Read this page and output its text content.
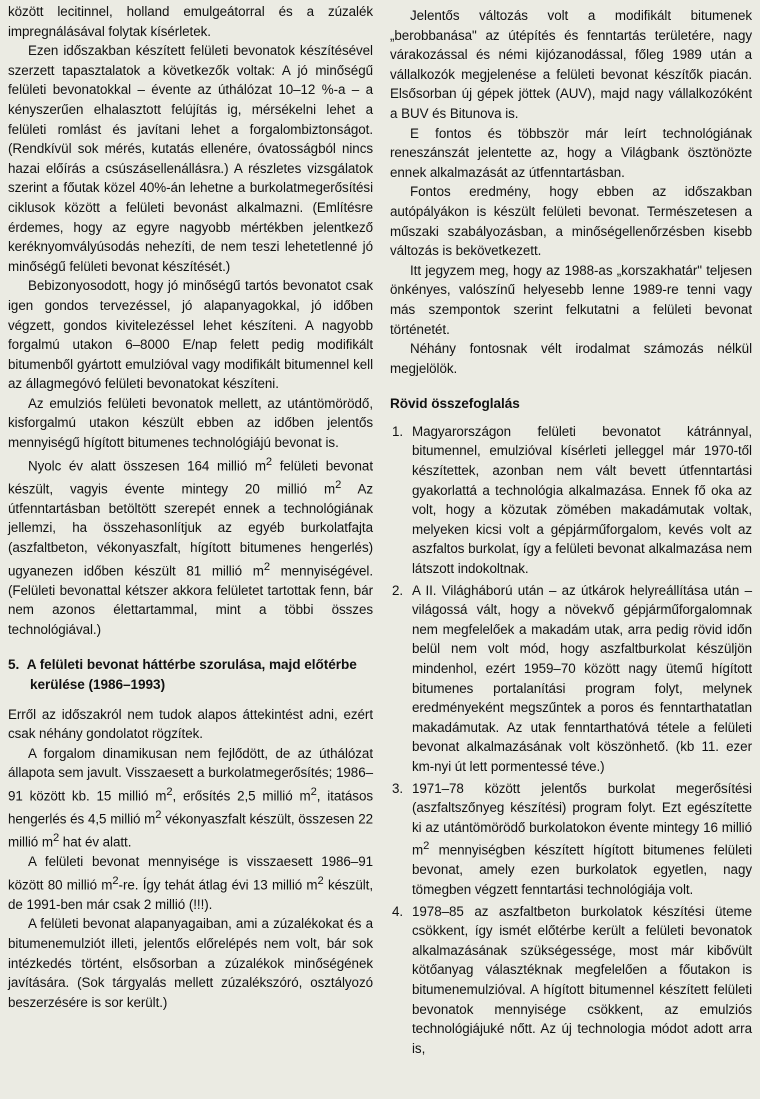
között lecitinnel, holland emulgeátorral és a zúzalék impregnálásával folytak kísérletek.

Ezen időszakban készített felületi bevonatok készítésével szerzett tapasztalatok a következők voltak: A jó minőségű felületi bevonatokkal – évente az úthálózat 10–12 %-a – a kényszerűen elhalasztott felújítás ig, mérsékelni lehet a felületi romlást és javítani lehet a forgalombiztonságot. (Rendkívül sok mérés, kutatás ellenére, óvatosságból nincs hazai előírás a csúszásellenállásra.) A részletes vizsgálatok szerint a főutak közel 40%-án lehetne a burkolatmegerősítési ciklusok között a felületi bevonást alkalmazni. (Említésre érdemes, hogy az egyre nagyobb mértékben jelentkező keréknyomvályúsodás nehezíti, de nem teszi lehetetlenné jó minőségű felületi bevonat készítését.)

Bebizonyosodott, hogy jó minőségű tartós bevonatot csak igen gondos tervezéssel, jó alapanyagokkal, jó időben végzett, gondos kivitelezéssel lehet készíteni. A nagyobb forgalmú utakon 6–8000 E/nap felett pedig modifikált bitumenből gyártott emulzióval vagy modifikált bitumennel kell az állagmegóvó felületi bevonatokat készíteni.

Az emulziós felületi bevonatok mellett, az utántömörödő, kisforgalmú utakon készült ebben az időben jelentős mennyiségű hígított bitumenes technológiájú bevonat is.

Nyolc év alatt összesen 164 millió $m^2$ felületi bevonat készült, vagyis évente mintegy 20 millió $m^2$ Az útfenntartásban betöltött szerepét ennek a technológiának jellemzi, ha összehasonlítjuk az egyéb burkolatfajta (aszfaltbeton, vékonyaszfalt, hígított bitumenes hengerlés) ugyanezen időben készült 81 millió $m^2$ mennyiségével. (Felületi bevonattal kétszer akkora felületet tartottak fenn, bár nem azonos élettartammal, mint a többi összes technológiával.)

5. A felületi bevonat háttérbe szorulása, majd előtérbe kerülése (1986–1993)

Erről az időszakról nem tudok alapos áttekintést adni, ezért csak néhány gondolatot rögzítek.

A forgalom dinamikusan nem fejlődött, de az úthálózat állapota sem javult. Visszaesett a burkolatmegerősítés; 1986–91 között kb. 15 millió $m^2$, erősítés 2,5 millió $m^2$, itatásos hengerlés és 4,5 millió $m^2$ vékonyaszfalt készült, összesen 22 millió $m^2$ hat év alatt.

A felületi bevonat mennyisége is visszaesett 1986–91 között 80 millió $m^2-re$. Így tehát átlag évi 13 millió $m^2$ készült, de 1991-ben már csak 2 millió (!!!).

A felületi bevonat alapanyagaiban, ami a zúzalékokat és a bitumenemulziót illeti, jelentős előrelépés nem volt, bár sok intézkedés történt, elsősorban a zúzalékok minőségének javítására. (Sok tárgyalás mellett zúzalékszóró, osztályozó beszerzésére is sor került.)

Jelentős változás volt a modifikált bitumenek „berobbanása" az útépítés és fenntartás területére, nagy várakozással és némi kijózanodással, főleg 1989 után a vállalkozók megjelenése a felületi bevonat készítők piacán. Elsősorban új gépek jöttek (AUV), majd nagy vállalkozóként a BUV és Bitunova is.

E fontos és többször már leírt technológiának reneszánszát jelentette az, hogy a Világbank ösztönözte ennek alkalmazását az útfenntartásban.

Fontos eredmény, hogy ebben az időszakban autópályákon is készült felületi bevonat. Természetesen a műszaki szabályozásban, a minőségellenőrzésben kisebb változás is bekövetkezett.

Itt jegyzem meg, hogy az 1988-as „korszakhatár" teljesen önkényes, valószínű helyesebb lenne 1989-re tenni vagy más szempontok szerint felkutatni a felületi bevonat történetét.

Néhány fontosnak vélt irodalmat számozás nélkül megjelölök.

Rövid összefoglalás
1. Magyarországon felületi bevonatot kátránnyal, bitumennel, emulzióval kísérleti jelleggel már 1970-től készítettek, azonban nem vált bevett útfenntartási gyakorlattá a technológia alkalmazása. Ennek fő oka az volt, hogy a közutak zömében makadámutak voltak, melyeken kicsi volt a gépjárműforgalom, kevés volt az aszfaltos burkolat, így a felületi bevonat alkalmazása nem látszott indokoltnak.
2. A II. Világháború után – az útkárok helyreállítása után – világossá vált, hogy a növekvő gépjárműforgalomnak nem megfelelőek a makadám utak, arra pedig rövid időn belül nem volt mód, hogy aszfaltburkolat készüljön mindenhol, ezért 1959–70 között nagy ütemű hígított bitumenes portalanítási program folyt, melynek eredményeként megszűntek a poros és fenntarthatatlan makadámutak. Az utak fenntarthatóvá tétele a felületi bevonat alkalmazásának volt köszönhető. (kb 11. ezer km-nyi út lett pormentessé téve.)
3. 1971–78 között jelentős burkolat megerősítési (aszfaltszőnyeg készítési) program folyt. Ezt egészítette ki az utántömörödő burkolatokon évente mintegy 16 millió $m^2$ mennyiségben készített hígított bitumenes felületi bevonat, amely ezen burkolatok egyetlen, nagy tömegben végzett fenntartási technológiája volt.
4. 1978–85 az aszfaltbeton burkolatok készítési üteme csökkent, így ismét előtérbe került a felületi bevonatok alkalmazásának szükségessége, most már kibővült kötőanyag választéknak megfelelően a főutakon is bitumenemulzióval. A hígított bitumennel készített felületi bevonatok mennyisége csökkent, az emulziós technológiájuké nőtt. Az új technologia módot adott arra is,
